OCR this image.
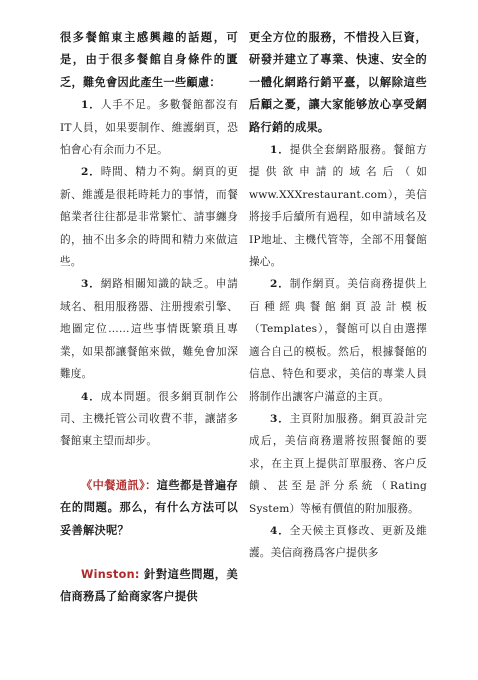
很多餐館東主感興趣的話題，可是，由于很多餐館自身條件的匱乏，難免會因此產生一些顧慮：

1．人手不足。多數餐館都沒有IT人員，如果要制作、維護網頁，恐怕會心有余而力不足。

2．時間、精力不夠。網頁的更新、維護是很耗時耗力的事情，而餐館業者往往都是非常繁忙、請事纏身的，抽不出多余的時間和精力來做這些。

3．網路相關知識的缺乏。申請域名、租用服務器、注册搜索引擎、地圖定位……這些事情既繁瑣且專業，如果都讓餐館來做，難免會加深難度。

4．成本問題。很多網頁制作公司、主機托管公司收費不菲，讓諸多餐館東主望而却步。

《中餐通訊》：這些都是普遍存在的問題。那么，有什么方法可以妥善解決呢？

Winston: 針對這些問題，美信商務爲了給商家客户提供

更全方位的服務，不惜投入巨資，研發并建立了專業、快速、安全的一體化網路行銷平臺，以解除這些后顧之憂，讓大家能够放心享受網路行銷的成果。

1．提供全套網路服務。餐館方提供欲申請的域名后（如www.XXXrestaurant.com），美信將接手后續所有過程，如申請域名及IP地址、主機代管等，全部不用餐館操心。

2．制作網頁。美信商務提供上百種經典餐館網頁設計模板（Templates），餐館可以自由選擇適合自己的模板。然后，根據餐館的信息、特色和要求，美信的專業人員將制作出讓客户滿意的主頁。

3．主頁附加服務。網頁設計完成后，美信商務還將按照餐館的要求，在主頁上提供訂單服務、客户反饋、甚至是評分系統（Rating System）等極有價值的附加服務。

4．全天候主頁修改、更新及維護。美信商務爲客户提供多
